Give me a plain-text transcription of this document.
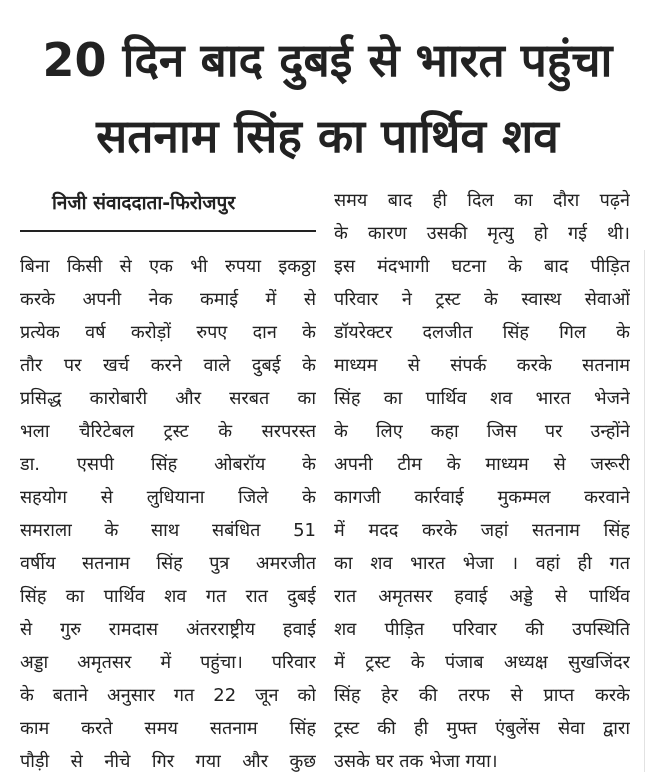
20 दिन बाद दुबई से भारत पहुंचा
सतनाम सिंह का पार्थिव शव
निजी संवाददाता-फिरोजपुर
बिना किसी से एक भी रुपया इकठ्ठा
करके अपनी नेक कमाई में से
प्रत्येक वर्ष करोड़ों रुपए दान के
तौर पर खर्च करने वाले दुबई के
प्रसिद्ध कारोबारी और सरबत का
भला चैरिटेबल ट्रस्ट के सरपरस्त
डा. एसपी सिंह ओबरॉय के
सहयोग से लुधियाना जिले के
समराला के साथ सबंधित 51
वर्षीय सतनाम सिंह पुत्र अमरजीत
सिंह का पार्थिव शव गत रात दुबई
से गुरु रामदास अंतरराष्ट्रीय हवाई
अड्डा अमृतसर में पहुंचा। परिवार
के बताने अनुसार गत 22 जून को
काम करते समय सतनाम सिंह
पौड़ी से नीचे गिर गया और कुछ
समय बाद ही दिल का दौरा पढ़ने
के कारण उसकी मृत्यु हो गई थी।
इस मंदभागी घटना के बाद पीड़ित
परिवार ने ट्रस्ट के स्वास्थ सेवाओं
डॉयरेक्टर दलजीत सिंह गिल के
माध्यम से संपर्क करके सतनाम
सिंह का पार्थिव शव भारत भेजने
के लिए कहा जिस पर उन्होंने
अपनी टीम के माध्यम से जरूरी
कागजी कार्रवाई मुकम्मल करवाने
में मदद करके जहां सतनाम सिंह
का शव भारत भेजा । वहां ही गत
रात अमृतसर हवाई अड्डे से पार्थिव
शव पीड़ित परिवार की उपस्थिति
में ट्रस्ट के पंजाब अध्यक्ष सुखजिंदर
सिंह हेर की तरफ से प्राप्त करके
ट्रस्ट की ही मुफ्त एंबुलेंस सेवा द्वारा
उसके घर तक भेजा गया।
